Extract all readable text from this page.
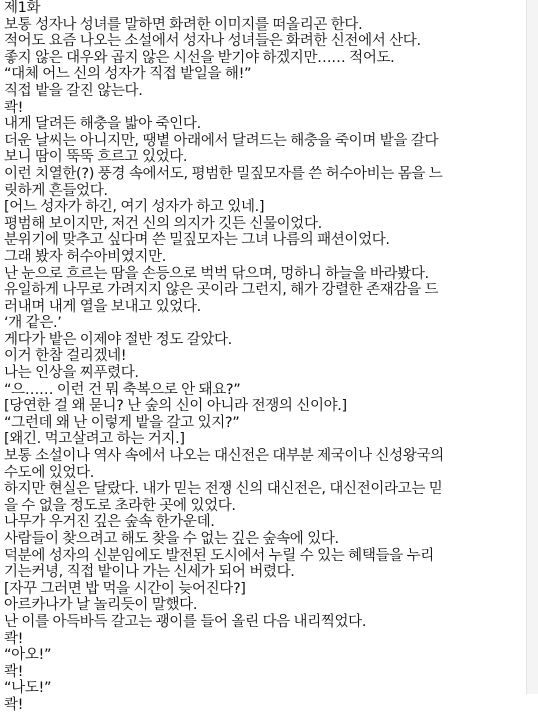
제1화
보통 성자나 성녀를 말하면 화려한 이미지를 떠올리곤 한다.
적어도 요즘 나오는 소설에서 성자나 성녀들은 화려한 신전에서 산다.
좋지 않은 대우와 곱지 않은 시선을 받기야 하겠지만…… 적어도.
“대체 어느 신의 성자가 직접 밭일을 해!”
직접 밭을 갈진 않는다.
콱!
내게 달려든 해충을 밟아 죽인다.
더운 날씨는 아니지만, 땡볕 아래에서 달려드는 해충을 죽이며 밭을 갈다
보니 땀이 뚝뚝 흐르고 있었다.
이런 치열한(?) 풍경 속에서도, 평범한 밀짚모자를 쓴 허수아비는 몸을 느
릿하게 흔들었다.
[어느 성자가 하긴, 여기 성자가 하고 있네.]
평범해 보이지만, 저건 신의 의지가 깃든 신물이었다.
분위기에 맞추고 싶다며 쓴 밀짚모자는 그녀 나름의 패션이었다.
그래 봤자 허수아비였지만.
난 눈으로 흐르는 땀을 손등으로 벅벅 닦으며, 멍하니 하늘을 바라봤다.
유일하게 나무로 가려지지 않은 곳이라 그런지, 해가 강렬한 존재감을 드
러내며 내게 열을 보내고 있었다.
‘개 같은.’
게다가 밭은 이제야 절반 정도 갈았다.
이거 한참 걸리겠네!
나는 인상을 찌푸렸다.
“으…… 이런 건 뭐 축복으로 안 돼요?”
[당연한 걸 왜 묻니? 난 숲의 신이 아니라 전쟁의 신이야.]
“그런데 왜 난 이렇게 밭을 갈고 있지?”
[왜긴. 먹고살려고 하는 거지.]
보통 소설이나 역사 속에서 나오는 대신전은 대부분 제국이나 신성왕국의
수도에 있었다.
하지만 현실은 달랐다. 내가 믿는 전쟁 신의 대신전은, 대신전이라고는 믿
을 수 없을 정도로 초라한 곳에 있었다.
나무가 우거진 깊은 숲속 한가운데.
사람들이 찾으려고 해도 찾을 수 없는 깊은 숲속에 있다.
덕분에 성자의 신분임에도 발전된 도시에서 누릴 수 있는 혜택들을 누리
기는커녕, 직접 밭이나 가는 신세가 되어 버렸다.
[자꾸 그러면 밥 먹을 시간이 늦어진다?]
아르카나가 날 놀리듯이 말했다.
난 이를 아득바득 갈고는 괭이를 들어 올린 다음 내리찍었다.
콱!
“아오!”
콱!
“나도!”
콱!
